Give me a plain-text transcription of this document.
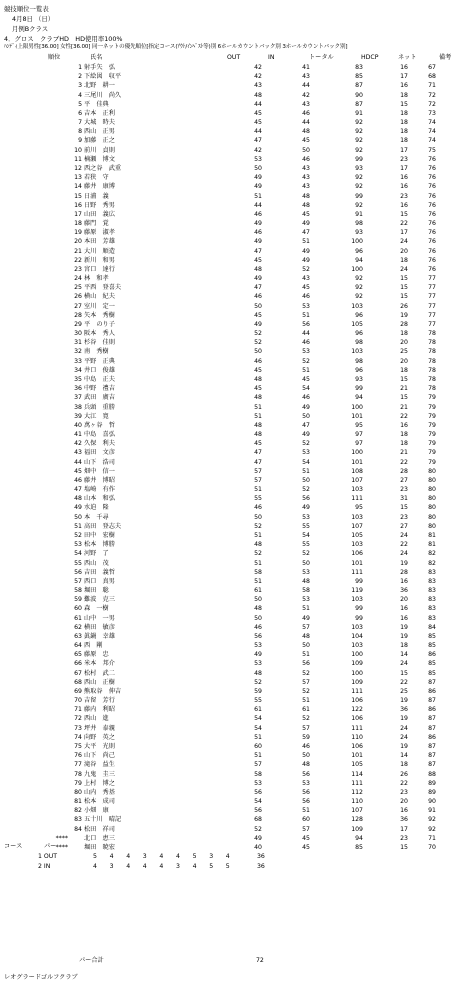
競技順位一覧表
4月8日 （日）
月例Bクラス
4．グロス　クラブHD　HD使用率100%
ﾊﾝﾃﾞｨ上限男性[36.00] 女性[36.00] 同一ネットの優先順位[指定コース(ｱｳﾄ/ｲﾝﾍﾞｽﾄ等)別 6ホールカウントバック別 3ホールカウントバック別]
順位	氏名	OUT	IN	トータル	HDCP	ネット	備考
1 射手矢　弘	42	41	83	16	67
2 下絵図　収平	42	43	85	17	68
3 北野　耕一	43	44	87	16	71
4 三尾川　尚久	48	42	90	18	72
5 平　佳典	44	43	87	15	72
6 吉本　正利	45	46	91	18	73
7 大城　時夫	45	44	92	18	74
8 西山　正男	44	48	92	18	74
9 加藤　正之	47	45	92	18	74
10 前川　貞則	42	50	92	17	75
11 楠瀬　博文	53	46	99	23	76
12 西之谷　武重	50	43	93	17	76
13 若狭　守	49	43	92	16	76
14 藤井　康博	49	43	92	16	76
15 日浦　義	51	48	99	23	76
16 日野　秀男	44	48	92	16	76
17 山田　義広	46	45	91	15	76
18 藤門　覚	49	49	98	22	76
19 藤原　淑孝	46	47	93	17	76
20 本田　芳雄	49	51	100	24	76
21 大川　順造	47	49	96	20	76
22 新川　和男	45	49	94	18	76
23 宮口　達行	48	52	100	24	76
24 林　和孝	49	43	92	15	77
25 平西　登喜夫	47	45	92	15	77
26 横山　紀夫	46	46	92	15	77
27 室川　定一	50	53	103	26	77
28 矢本　秀樹	45	51	96	19	77
29 平　のり子	49	56	105	28	77
30 阪本　秀人	52	44	96	18	78
31 杉谷　佳則	52	46	98	20	78
32 南　秀樹	50	53	103	25	78
33 平野　正典	46	52	98	20	78
34 井口　俊雄	45	51	96	18	78
35 中島　正夫	48	45	93	15	78
36 中野　禮吉	45	54	99	21	78
37 武田　廣吉	48	46	94	15	79
38 兵頭　重勝	51	49	100	21	79
39 大江　寛	51	50	101	22	79
40 萬ヶ谷　哲	48	47	95	16	79
41 中島　喜弘	48	49	97	18	79
42 久保　利夫	45	52	97	18	79
43 福田　文彦	47	53	100	21	79
44 山下　浩司	47	54	101	22	79
45 畑中　信一	57	51	108	28	80
46 藤井　博昭	57	50	107	27	80
47 塩崎　有作	51	52	103	23	80
48 山本　和弘	55	56	111	31	80
49 水迫　隆	46	49	95	15	80
50 本　千尋	50	53	103	23	80
51 高田　登志夫	52	55	107	27	80
52 田中　宏樹	51	54	105	24	81
53 松本　博勝	48	55	103	22	81
54 河野　了	52	52	106	24	82
55 西山　茂	51	50	101	19	82
56 吉田　義哲	58	53	111	28	83
57 西口　真男	51	48	99	16	83
58 堀田　聡	61	58	119	36	83
59 難波　克三	50	53	103	20	83
60 森　一樹	48	51	99	16	83
61 山中　一男	50	49	99	16	83
62 横田　敏彦	46	57	103	19	84
63 眞鍋　幸雄	56	48	104	19	85
64 西　剛	53	50	103	18	85
65 藤原　忠	49	51	100	14	86
66 米本　邦介	53	56	109	24	85
67 松村　武二	48	52	100	15	85
68 西山　正樹	52	57	109	22	87
69 熊取谷　伸吉	59	52	111	25	86
70 吉留　芳行	55	51	106	19	87
71 藤内　利昭	61	61	122	36	86
72 西山　進	54	52	106	19	87
73 坪井　泰親	54	57	111	24	87
74 向野　英之	51	59	110	24	86
75 大平　光則	60	46	106	19	87
76 山下　尚己	51	50	101	14	87
77 滝谷　益生	57	48	105	18	87
78 九鬼　圭三	58	56	114	26	88
79 上村　博之	53	53	111	22	89
80 山内　秀基	56	56	112	23	89
81 松本　成司	54	56	110	20	90
82 小畑　康	56	51	107	16	91
83 五十川　晴記	68	60	128	36	92
84 松田　祥司	52	57	109	17	92
****	北口　恵三	49	45	94	23	71
****	堀田　暁宏	40	45	85	15	70
コース	パー
1 OUT	5 4 4 3 4 4 5 3 4	36
2 IN	4 3 4 4 4 3 4 5 5	36
パー合計	72
レオグラードゴルフクラブ
